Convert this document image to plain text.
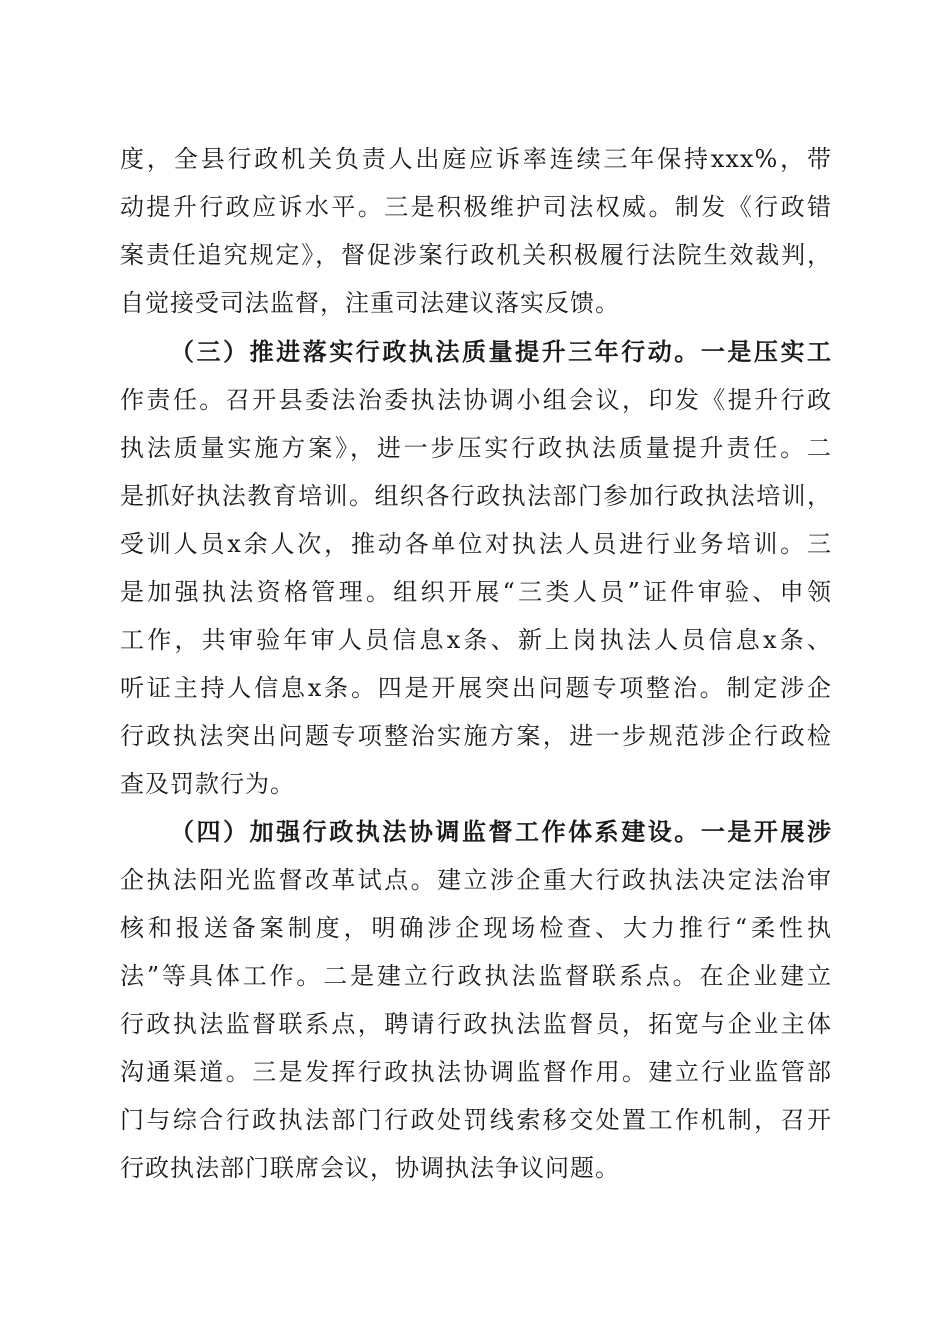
度，全县行政机关负责人出庭应诉率连续三年保持xxx%，带
动提升行政应诉水平。三是积极维护司法权威。制发《行政错
案责任追究规定》，督促涉案行政机关积极履行法院生效裁判，
自觉接受司法监督，注重司法建议落实反馈。
（三）推进落实行政执法质量提升三年行动。一是压实工
作责任。召开县委法治委执法协调小组会议，印发《提升行政
执法质量实施方案》，进一步压实行政执法质量提升责任。二
是抓好执法教育培训。组织各行政执法部门参加行政执法培训，
受训人员x余人次，推动各单位对执法人员进行业务培训。三
是加强执法资格管理。组织开展“三类人员”证件审验、申领
工作，共审验年审人员信息x条、新上岗执法人员信息x条、
听证主持人信息x条。四是开展突出问题专项整治。制定涉企
行政执法突出问题专项整治实施方案，进一步规范涉企行政检
查及罚款行为。
（四）加强行政执法协调监督工作体系建设。一是开展涉
企执法阳光监督改革试点。建立涉企重大行政执法决定法治审
核和报送备案制度，明确涉企现场检查、大力推行“柔性执
法”等具体工作。二是建立行政执法监督联系点。在企业建立
行政执法监督联系点，聘请行政执法监督员，拓宽与企业主体
沟通渠道。三是发挥行政执法协调监督作用。建立行业监管部
门与综合行政执法部门行政处罚线索移交处置工作机制，召开
行政执法部门联席会议，协调执法争议问题。
